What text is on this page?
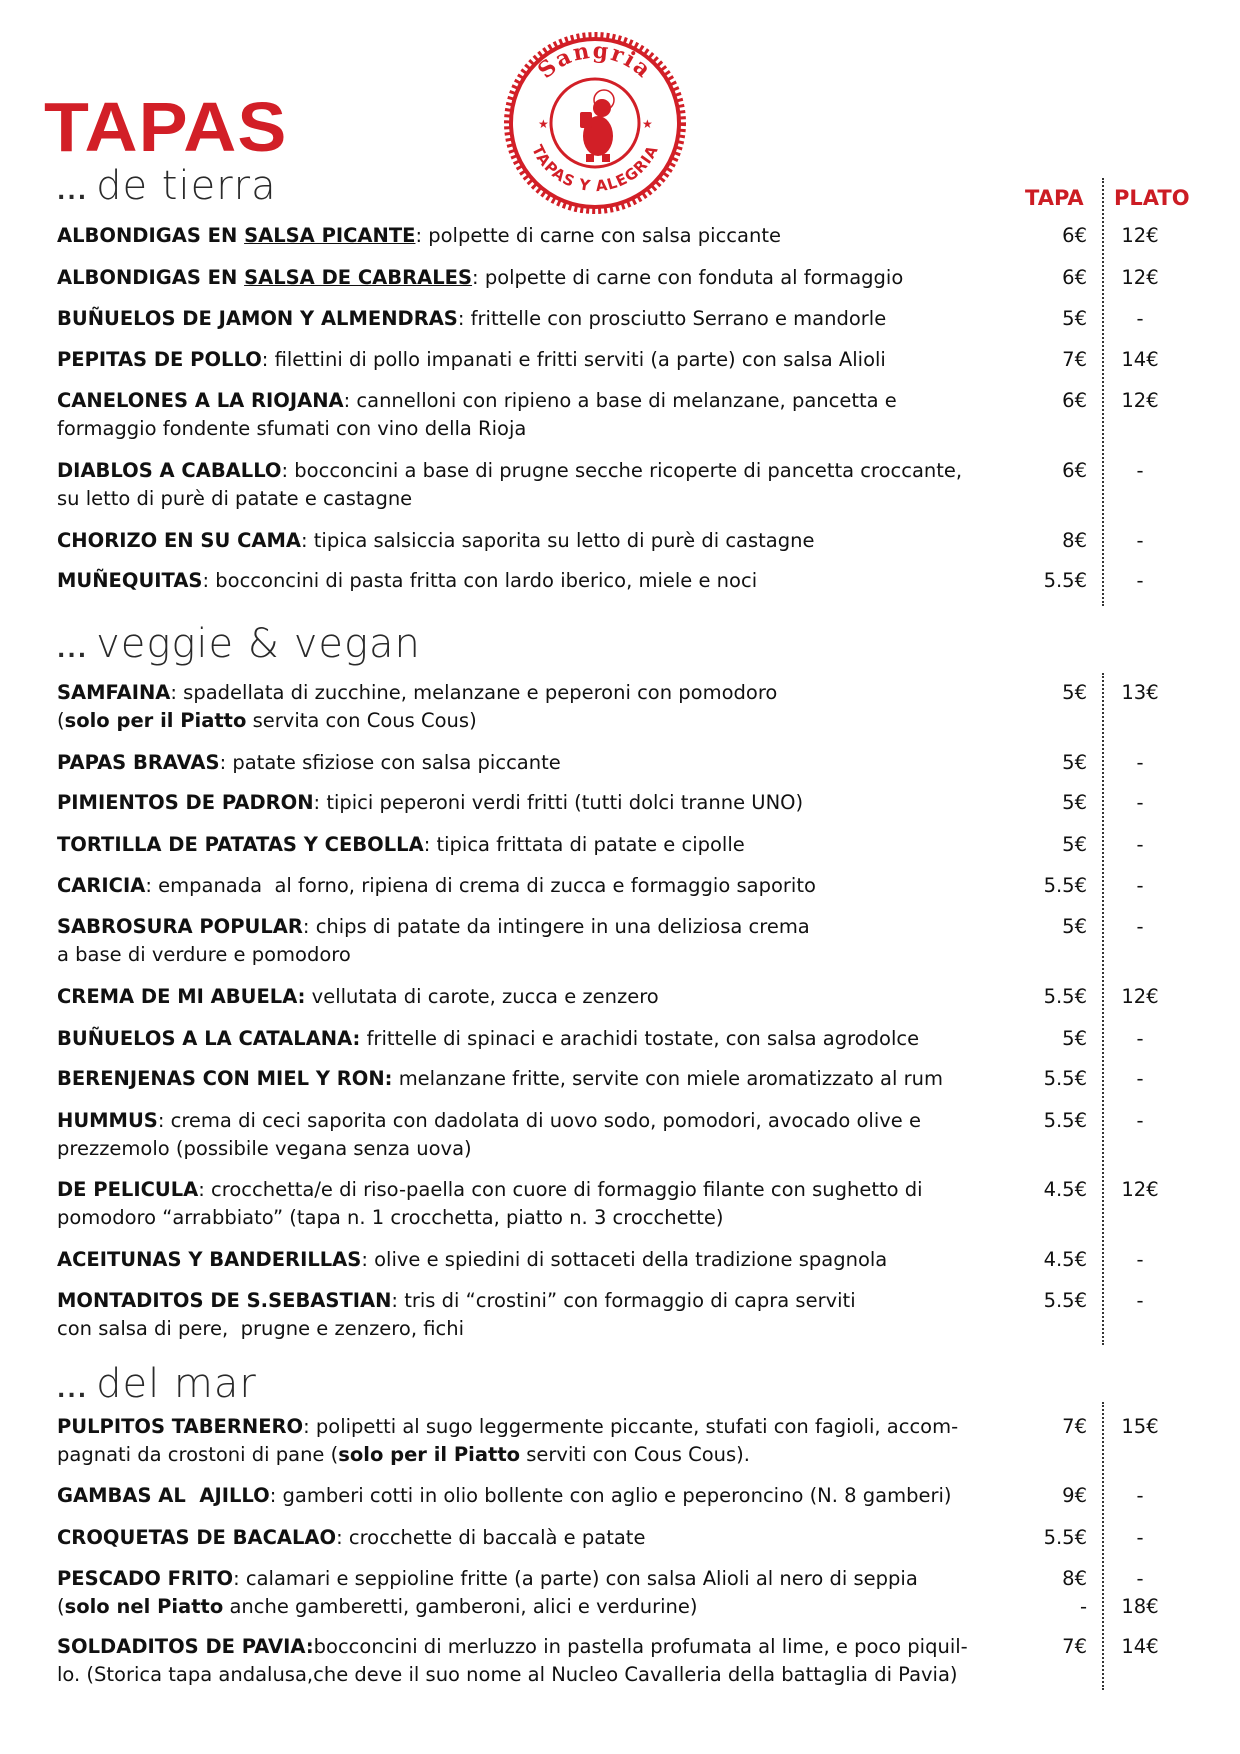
TAPAS
Sangria
TAPAS Y ALEGRIA
★	★
TAPA PLATO
... de tierra
ALBONDIGAS EN SALSA PICANTE: polpette di carne con salsa piccante	6€	12€
ALBONDIGAS EN SALSA DE CABRALES: polpette di carne con fonduta al formaggio	6€	12€
BUÑUELOS DE JAMON Y ALMENDRAS: frittelle con prosciutto Serrano e mandorle	5€	-
PEPITAS DE POLLO: filettini di pollo impanati e fritti serviti (a parte) con salsa Alioli	7€	14€
CANELONES A LA RIOJANA: cannelloni con ripieno a base di melanzane, pancetta e
formaggio fondente sfumati con vino della Rioja
6€	12€
DIABLOS A CABALLO: bocconcini a base di prugne secche ricoperte di pancetta croccante,
su letto di purè di patate e castagne
6€	-
CHORIZO EN SU CAMA: tipica salsiccia saporita su letto di purè di castagne	8€	-
MUÑEQUITAS: bocconcini di pasta fritta con lardo iberico, miele e noci	5.5€	-
... veggie & vegan
SAMFAINA: spadellata di zucchine, melanzane e peperoni con pomodoro
(solo per il Piatto servita con Cous Cous)
5€	13€
PAPAS BRAVAS: patate sfiziose con salsa piccante	5€	-
PIMIENTOS DE PADRON: tipici peperoni verdi fritti (tutti dolci tranne UNO)	5€	-
TORTILLA DE PATATAS Y CEBOLLA: tipica frittata di patate e cipolle	5€	-
CARICIA: empanada  al forno, ripiena di crema di zucca e formaggio saporito	5.5€	-
SABROSURA POPULAR: chips di patate da intingere in una deliziosa crema
a base di verdure e pomodoro
5€	-
CREMA DE MI ABUELA: vellutata di carote, zucca e zenzero	5.5€	12€
BUÑUELOS A LA CATALANA: frittelle di spinaci e arachidi tostate, con salsa agrodolce	5€	-
BERENJENAS CON MIEL Y RON: melanzane fritte, servite con miele aromatizzato al rum	5.5€	-
HUMMUS: crema di ceci saporita con dadolata di uovo sodo, pomodori, avocado olive e
prezzemolo (possibile vegana senza uova)
5.5€	-
DE PELICULA: crocchetta/e di riso-paella con cuore di formaggio filante con sughetto di
pomodoro “arrabbiato” (tapa n. 1 crocchetta, piatto n. 3 crocchette)
4.5€	12€
ACEITUNAS Y BANDERILLAS: olive e spiedini di sottaceti della tradizione spagnola	4.5€	-
MONTADITOS DE S.SEBASTIAN: tris di “crostini” con formaggio di capra serviti
con salsa di pere,  prugne e zenzero, fichi
5.5€	-
... del mar
PULPITOS TABERNERO: polipetti al sugo leggermente piccante, stufati con fagioli, accom-
pagnati da crostoni di pane (solo per il Piatto serviti con Cous Cous).
7€	15€
GAMBAS AL  AJILLO: gamberi cotti in olio bollente con aglio e peperoncino (N. 8 gamberi)	9€	-
CROQUETAS DE BACALAO: crocchette di baccalà e patate	5.5€	-
PESCADO FRITO: calamari e seppioline fritte (a parte) con salsa Alioli al nero di seppia
(solo nel Piatto anche gamberetti, gamberoni, alici e verdurine)
8€	-
-	18€
SOLDADITOS DE PAVIA:bocconcini di merluzzo in pastella profumata al lime, e poco piquil-
lo. (Storica tapa andalusa,che deve il suo nome al Nucleo Cavalleria della battaglia di Pavia)
7€	14€
